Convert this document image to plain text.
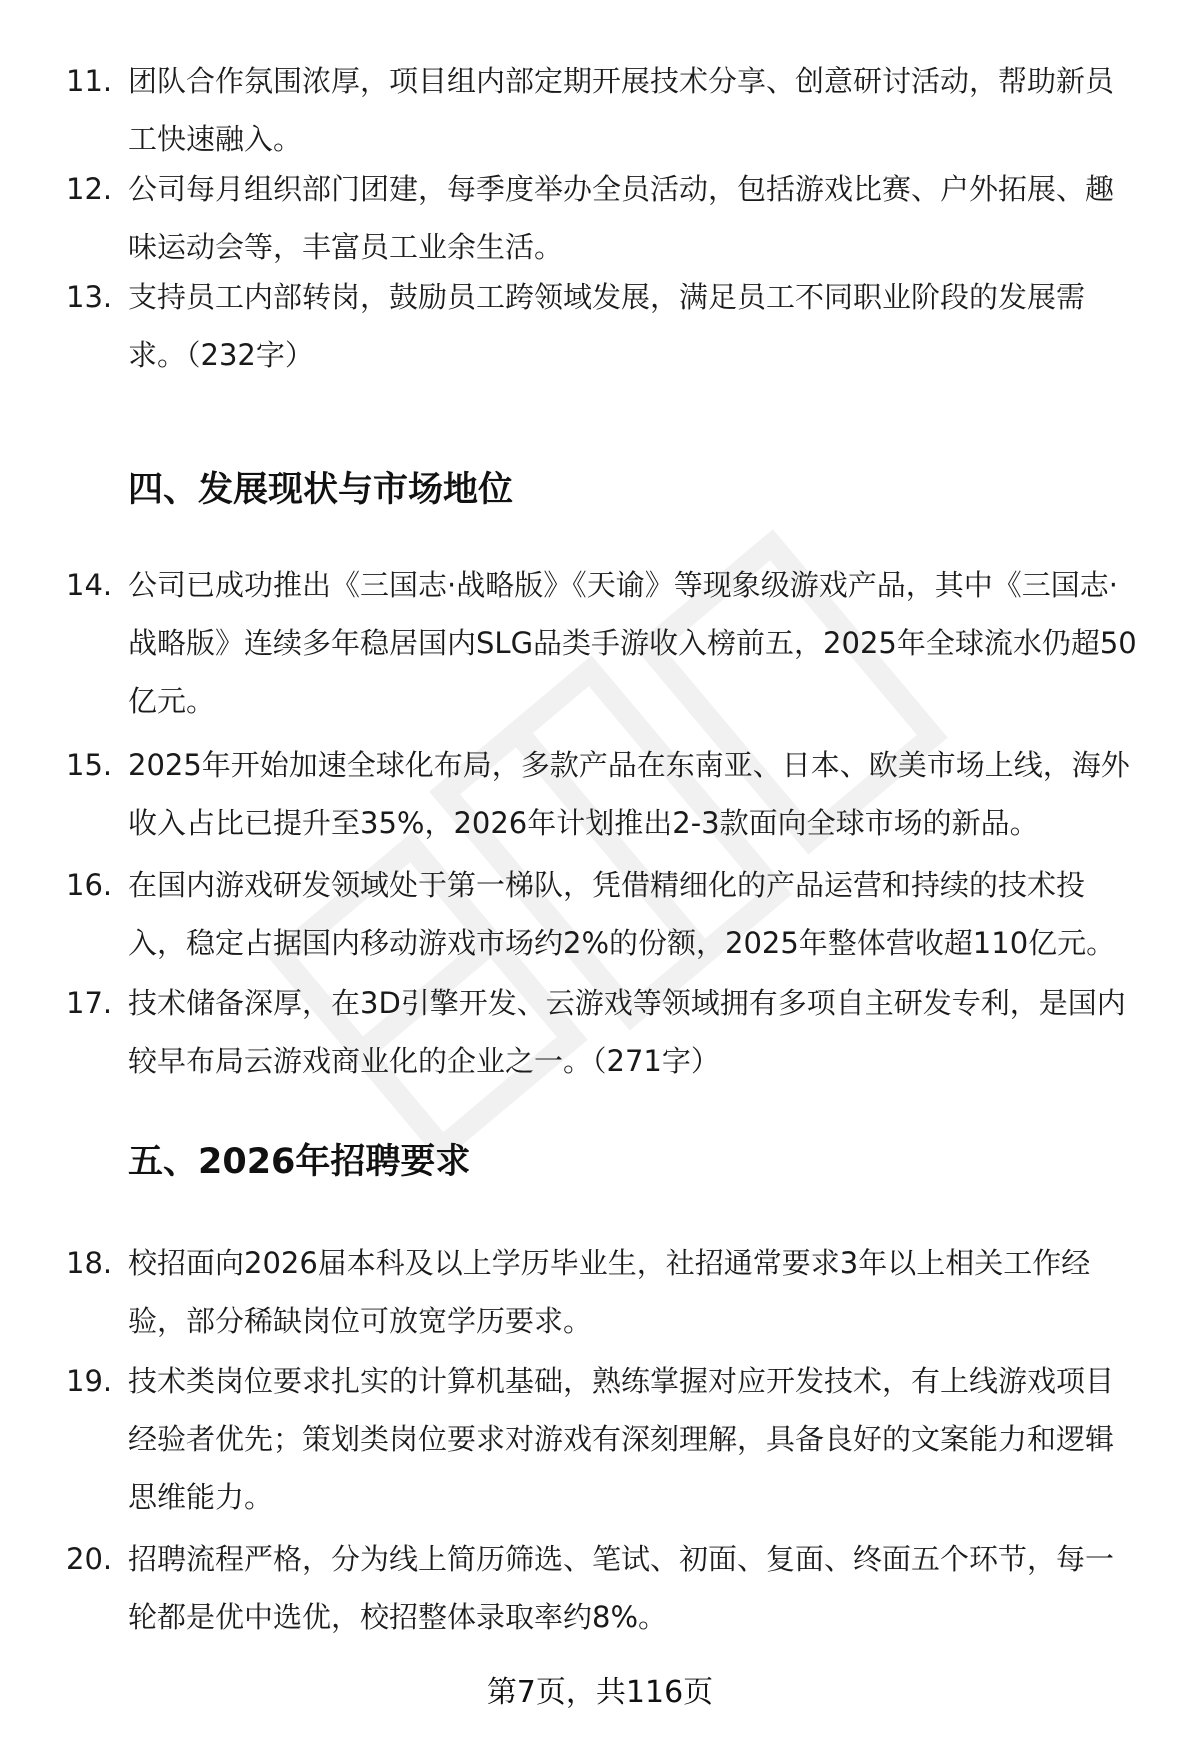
11. 团队合作氛围浓厚，项目组内部定期开展技术分享、创意研讨活动，帮助新员
工快速融入。
12. 公司每月组织部门团建，每季度举办全员活动，包括游戏比赛、户外拓展、趣
味运动会等，丰富员工业余生活。
13. 支持员工内部转岗，鼓励员工跨领域发展，满足员工不同职业阶段的发展需
求。（232字）
四、发展现状与市场地位
14. 公司已成功推出《三国志·战略版》《天谕》等现象级游戏产品，其中《三国志·
战略版》连续多年稳居国内SLG品类手游收入榜前五，2025年全球流水仍超50
亿元。
15. 2025年开始加速全球化布局，多款产品在东南亚、日本、欧美市场上线，海外
收入占比已提升至35%，2026年计划推出2-3款面向全球市场的新品。
16. 在国内游戏研发领域处于第一梯队，凭借精细化的产品运营和持续的技术投
入，稳定占据国内移动游戏市场约2%的份额，2025年整体营收超110亿元。
17. 技术储备深厚，在3D引擎开发、云游戏等领域拥有多项自主研发专利，是国内
较早布局云游戏商业化的企业之一。（271字）
五、2026年招聘要求
18. 校招面向2026届本科及以上学历毕业生，社招通常要求3年以上相关工作经
验，部分稀缺岗位可放宽学历要求。
19. 技术类岗位要求扎实的计算机基础，熟练掌握对应开发技术，有上线游戏项目
经验者优先；策划类岗位要求对游戏有深刻理解，具备良好的文案能力和逻辑
思维能力。
20. 招聘流程严格，分为线上简历筛选、笔试、初面、复面、终面五个环节，每一
轮都是优中选优，校招整体录取率约8%。
第7页，共116页
